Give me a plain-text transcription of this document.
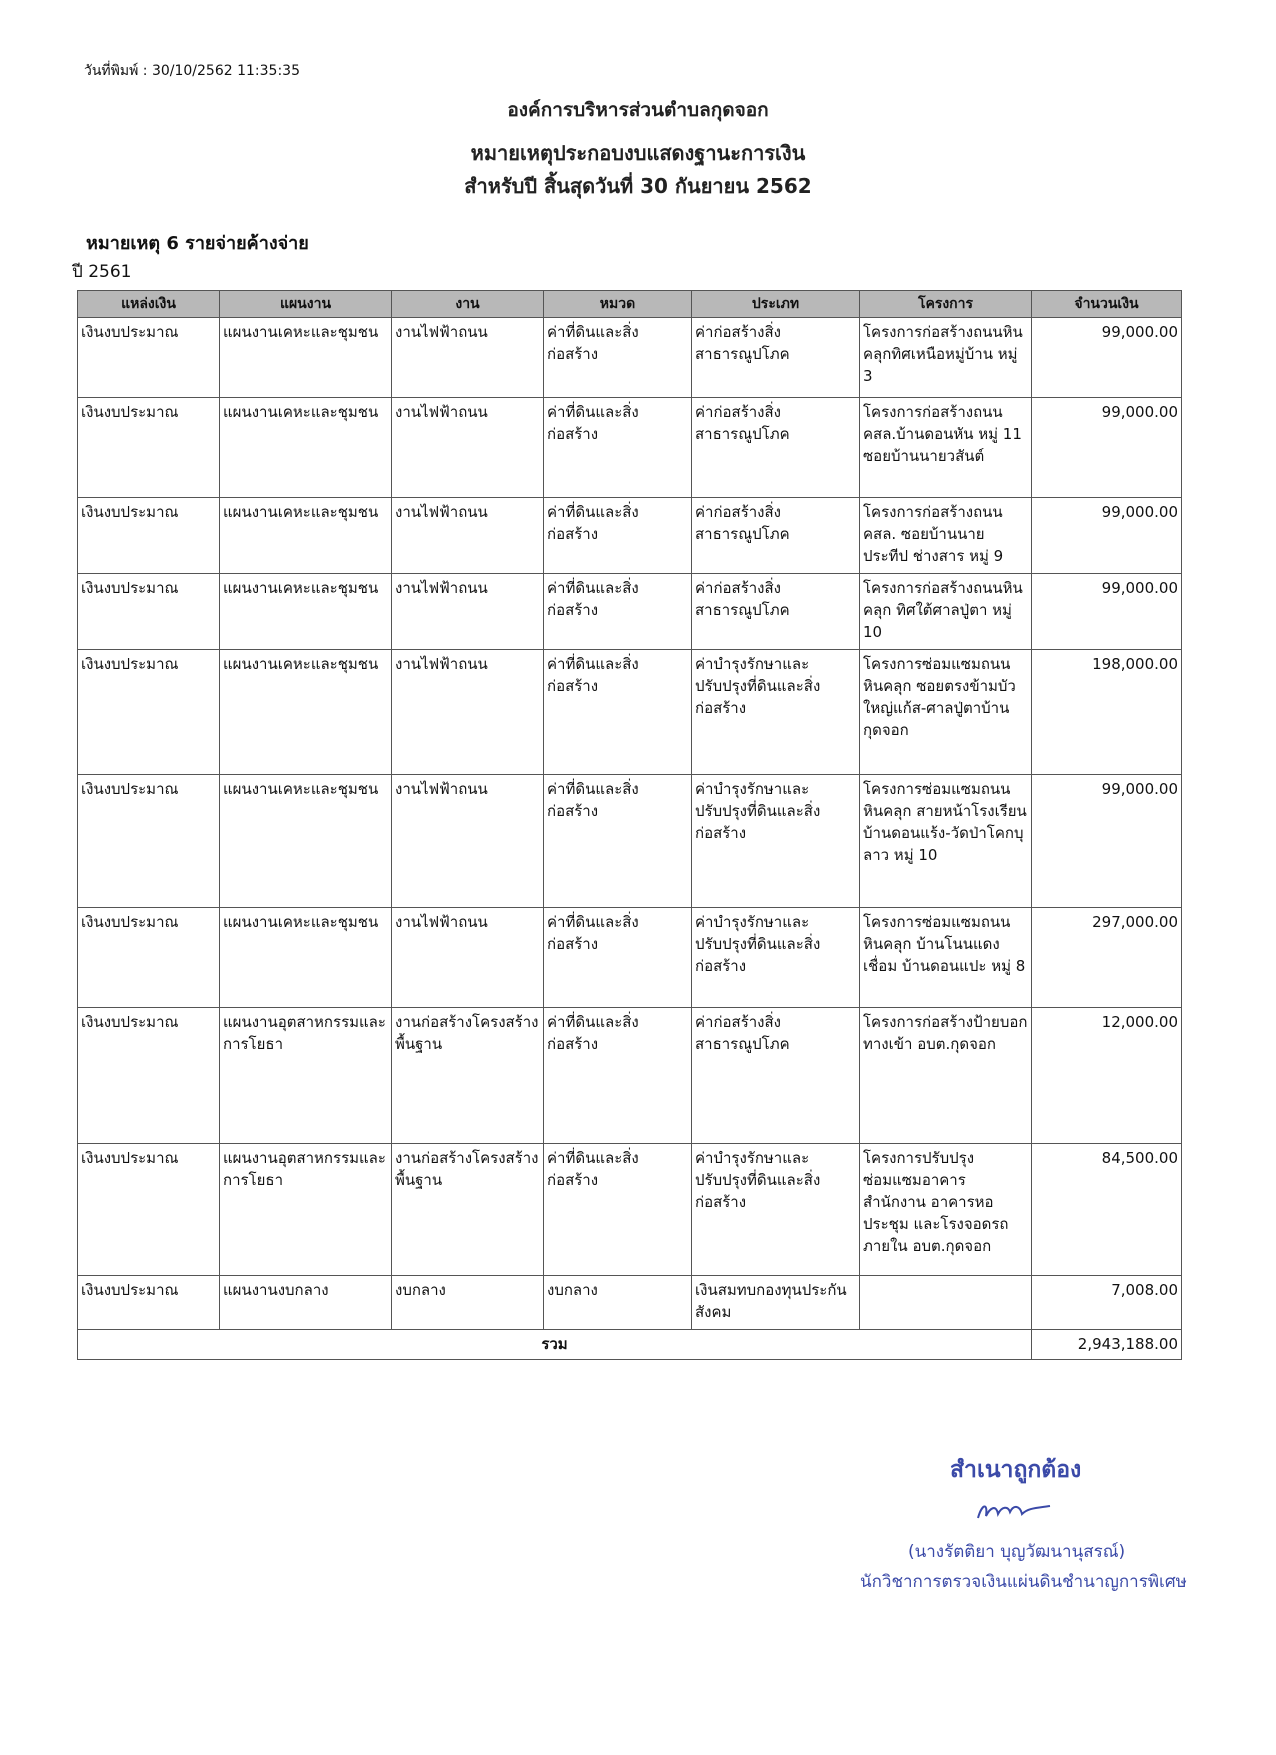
วันที่พิมพ์ : 30/10/2562 11:35:35
องค์การบริหารส่วนตำบลกุดจอก
หมายเหตุประกอบงบแสดงฐานะการเงิน
สำหรับปี สิ้นสุดวันที่ 30 กันยายน 2562
หมายเหตุ 6 รายจ่ายค้างจ่าย
ปี 2561
แหล่งเงิน	แผนงาน	งาน	หมวด	ประเภท	โครงการ	จำนวนเงิน
เงินงบประมาณ	แผนงานเคหะและชุมชน	งานไฟฟ้าถนน	ค่าที่ดินและสิ่งก่อสร้าง	ค่าก่อสร้างสิ่งสาธารณูปโภค	โครงการก่อสร้างถนนหินคลุกทิศเหนือหมู่บ้าน หมู่ 3	99,000.00
เงินงบประมาณ	แผนงานเคหะและชุมชน	งานไฟฟ้าถนน	ค่าที่ดินและสิ่งก่อสร้าง	ค่าก่อสร้างสิ่งสาธารณูปโภค	โครงการก่อสร้างถนน คสล.บ้านดอนหัน หมู่ 11 ซอยบ้านนายวสันต์	99,000.00
เงินงบประมาณ	แผนงานเคหะและชุมชน	งานไฟฟ้าถนน	ค่าที่ดินและสิ่งก่อสร้าง	ค่าก่อสร้างสิ่งสาธารณูปโภค	โครงการก่อสร้างถนน คสล. ซอยบ้านนายประทีป ช่างสาร หมู่ 9	99,000.00
เงินงบประมาณ	แผนงานเคหะและชุมชน	งานไฟฟ้าถนน	ค่าที่ดินและสิ่งก่อสร้าง	ค่าก่อสร้างสิ่งสาธารณูปโภค	โครงการก่อสร้างถนนหินคลุก ทิศใต้ศาลปู่ตา หมู่ 10	99,000.00
เงินงบประมาณ	แผนงานเคหะและชุมชน	งานไฟฟ้าถนน	ค่าที่ดินและสิ่งก่อสร้าง	ค่าบำรุงรักษาและปรับปรุงที่ดินและสิ่งก่อสร้าง	โครงการซ่อมแซมถนนหินคลุก ซอยตรงข้ามบัวใหญ่แก้ส-ศาลปู่ตาบ้านกุดจอก	198,000.00
เงินงบประมาณ	แผนงานเคหะและชุมชน	งานไฟฟ้าถนน	ค่าที่ดินและสิ่งก่อสร้าง	ค่าบำรุงรักษาและปรับปรุงที่ดินและสิ่งก่อสร้าง	โครงการซ่อมแซมถนนหินคลุก สายหน้าโรงเรียนบ้านดอนแร้ง-วัดป่าโคกบุลาว หมู่ 10	99,000.00
เงินงบประมาณ	แผนงานเคหะและชุมชน	งานไฟฟ้าถนน	ค่าที่ดินและสิ่งก่อสร้าง	ค่าบำรุงรักษาและปรับปรุงที่ดินและสิ่งก่อสร้าง	โครงการซ่อมแซมถนนหินคลุก บ้านโนนแดงเชื่อม บ้านดอนแปะ หมู่ 8	297,000.00
เงินงบประมาณ	แผนงานอุตสาหกรรมและการโยธา	งานก่อสร้างโครงสร้างพื้นฐาน	ค่าที่ดินและสิ่งก่อสร้าง	ค่าก่อสร้างสิ่งสาธารณูปโภค	โครงการก่อสร้างป้ายบอกทางเข้า อบต.กุดจอก	12,000.00
เงินงบประมาณ	แผนงานอุตสาหกรรมและการโยธา	งานก่อสร้างโครงสร้างพื้นฐาน	ค่าที่ดินและสิ่งก่อสร้าง	ค่าบำรุงรักษาและปรับปรุงที่ดินและสิ่งก่อสร้าง	โครงการปรับปรุงซ่อมแซมอาคารสำนักงาน อาคารหอประชุม และโรงจอดรถภายใน อบต.กุดจอก	84,500.00
เงินงบประมาณ	แผนงานงบกลาง	งบกลาง	งบกลาง	เงินสมทบกองทุนประกันสังคม		7,008.00
รวม						2,943,188.00
สำเนาถูกต้อง
(นางรัตติยา บุญวัฒนานุสรณ์)
นักวิชาการตรวจเงินแผ่นดินชำนาญการพิเศษ
